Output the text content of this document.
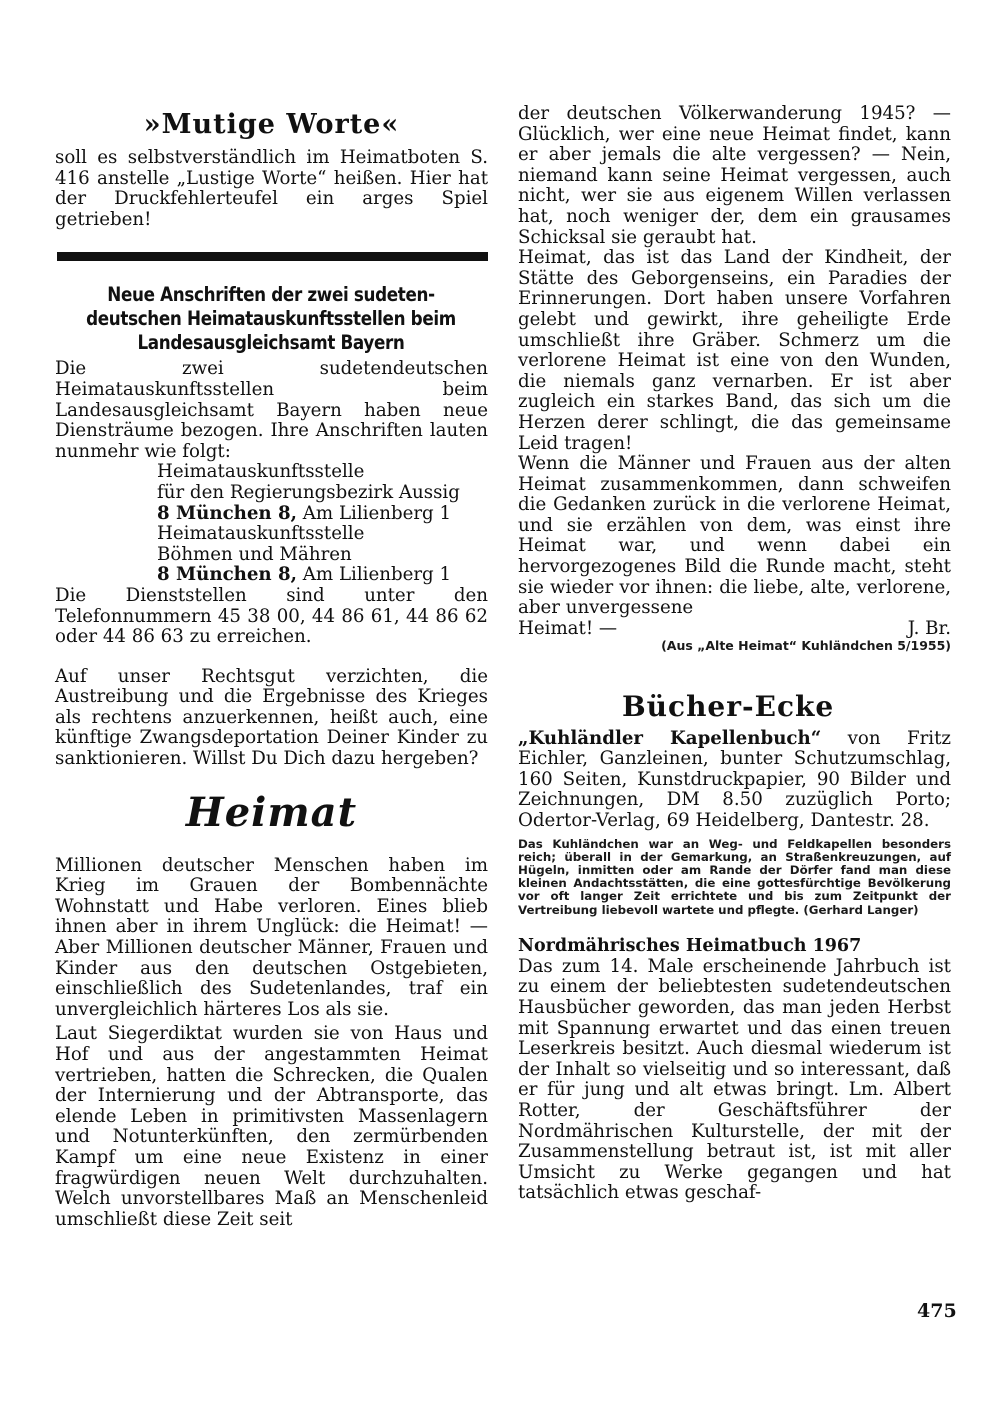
»Mutige Worte«

soll es selbstverständlich im Heimatboten S. 416 anstelle „Lustige Worte“ heißen. Hier hat der Druckfehlerteufel ein arges Spiel getrieben!

Neue Anschriften der zwei sudeten-
deutschen Heimatauskunftsstellen beim
Landesausgleichsamt Bayern

Die zwei sudetendeutschen Heimatauskunftsstellen beim Landesausgleichsamt Bayern haben neue Diensträume bezogen. Ihre Anschriften lauten nunmehr wie folgt:

Heimatauskunftsstelle
für den Regierungsbezirk Aussig
8 München 8, Am Lilienberg 1
Heimatauskunftsstelle
Böhmen und Mähren
8 München 8, Am Lilienberg 1

Die Dienststellen sind unter den Telefonnummern 45 38 00, 44 86 61, 44 86 62 oder 44 86 63 zu erreichen.

Auf unser Rechtsgut verzichten, die Austreibung und die Ergebnisse des Krieges als rechtens anzuerkennen, heißt auch, eine künftige Zwangsdeportation Deiner Kinder zu sanktionieren. Willst Du Dich dazu hergeben?

Heimat

Millionen deutscher Menschen haben im Krieg im Grauen der Bombennächte Wohnstatt und Habe verloren. Eines blieb ihnen aber in ihrem Unglück: die Heimat! — Aber Millionen deutscher Männer, Frauen und Kinder aus den deutschen Ostgebieten, einschließlich des Sudetenlandes, traf ein unvergleichlich härteres Los als sie.

Laut Siegerdiktat wurden sie von Haus und Hof und aus der angestammten Heimat vertrieben, hatten die Schrecken, die Qualen der Internierung und der Abtransporte, das elende Leben in primitivsten Massenlagern und Notunterkünften, den zermürbenden Kampf um eine neue Existenz in einer fragwürdigen neuen Welt durchzuhalten. Welch unvorstellbares Maß an Menschenleid umschließt diese Zeit seit

der deutschen Völkerwanderung 1945? — Glücklich, wer eine neue Heimat findet, kann er aber jemals die alte vergessen? — Nein, niemand kann seine Heimat vergessen, auch nicht, wer sie aus eigenem Willen verlassen hat, noch weniger der, dem ein grausames Schicksal sie geraubt hat.

Heimat, das ist das Land der Kindheit, der Stätte des Geborgenseins, ein Paradies der Erinnerungen. Dort haben unsere Vorfahren gelebt und gewirkt, ihre geheiligte Erde umschließt ihre Gräber. Schmerz um die verlorene Heimat ist eine von den Wunden, die niemals ganz vernarben. Er ist aber zugleich ein starkes Band, das sich um die Herzen derer schlingt, die das gemeinsame Leid tragen!

Wenn die Männer und Frauen aus der alten Heimat zusammenkommen, dann schweifen die Gedanken zurück in die verlorene Heimat, und sie erzählen von dem, was einst ihre Heimat war, und wenn dabei ein hervorgezogenes Bild die Runde macht, steht sie wieder vor ihnen: die liebe, alte, verlorene, aber unvergessene

Heimat! —	J. Br.

(Aus „Alte Heimat“ Kuhländchen 5/1955)

Bücher-Ecke

„Kuhländler Kapellenbuch“ von Fritz Eichler, Ganzleinen, bunter Schutzumschlag, 160 Seiten, Kunstdruckpapier, 90 Bilder und Zeichnungen, DM 8.50 zuzüglich Porto; Odertor-Verlag, 69 Heidelberg, Dantestr. 28.

Das Kuhländchen war an Weg- und Feldkapellen besonders reich; überall in der Gemarkung, an Straßenkreuzungen, auf Hügeln, inmitten oder am Rande der Dörfer fand man diese kleinen Andachtsstätten, die eine gottesfürchtige Bevölkerung vor oft langer Zeit errichtete und bis zum Zeitpunkt der Vertreibung liebevoll wartete und pflegte. (Gerhard Langer)

Nordmährisches Heimatbuch 1967

Das zum 14. Male erscheinende Jahrbuch ist zu einem der beliebtesten sudetendeutschen Hausbücher geworden, das man jeden Herbst mit Spannung erwartet und das einen treuen Leserkreis besitzt. Auch diesmal wiederum ist der Inhalt so vielseitig und so interessant, daß er für jung und alt etwas bringt. Lm. Albert Rotter, der Geschäftsführer der Nordmährischen Kulturstelle, der mit der Zusammenstellung betraut ist, ist mit aller Umsicht zu Werke gegangen und hat tatsächlich etwas geschaf-

475
